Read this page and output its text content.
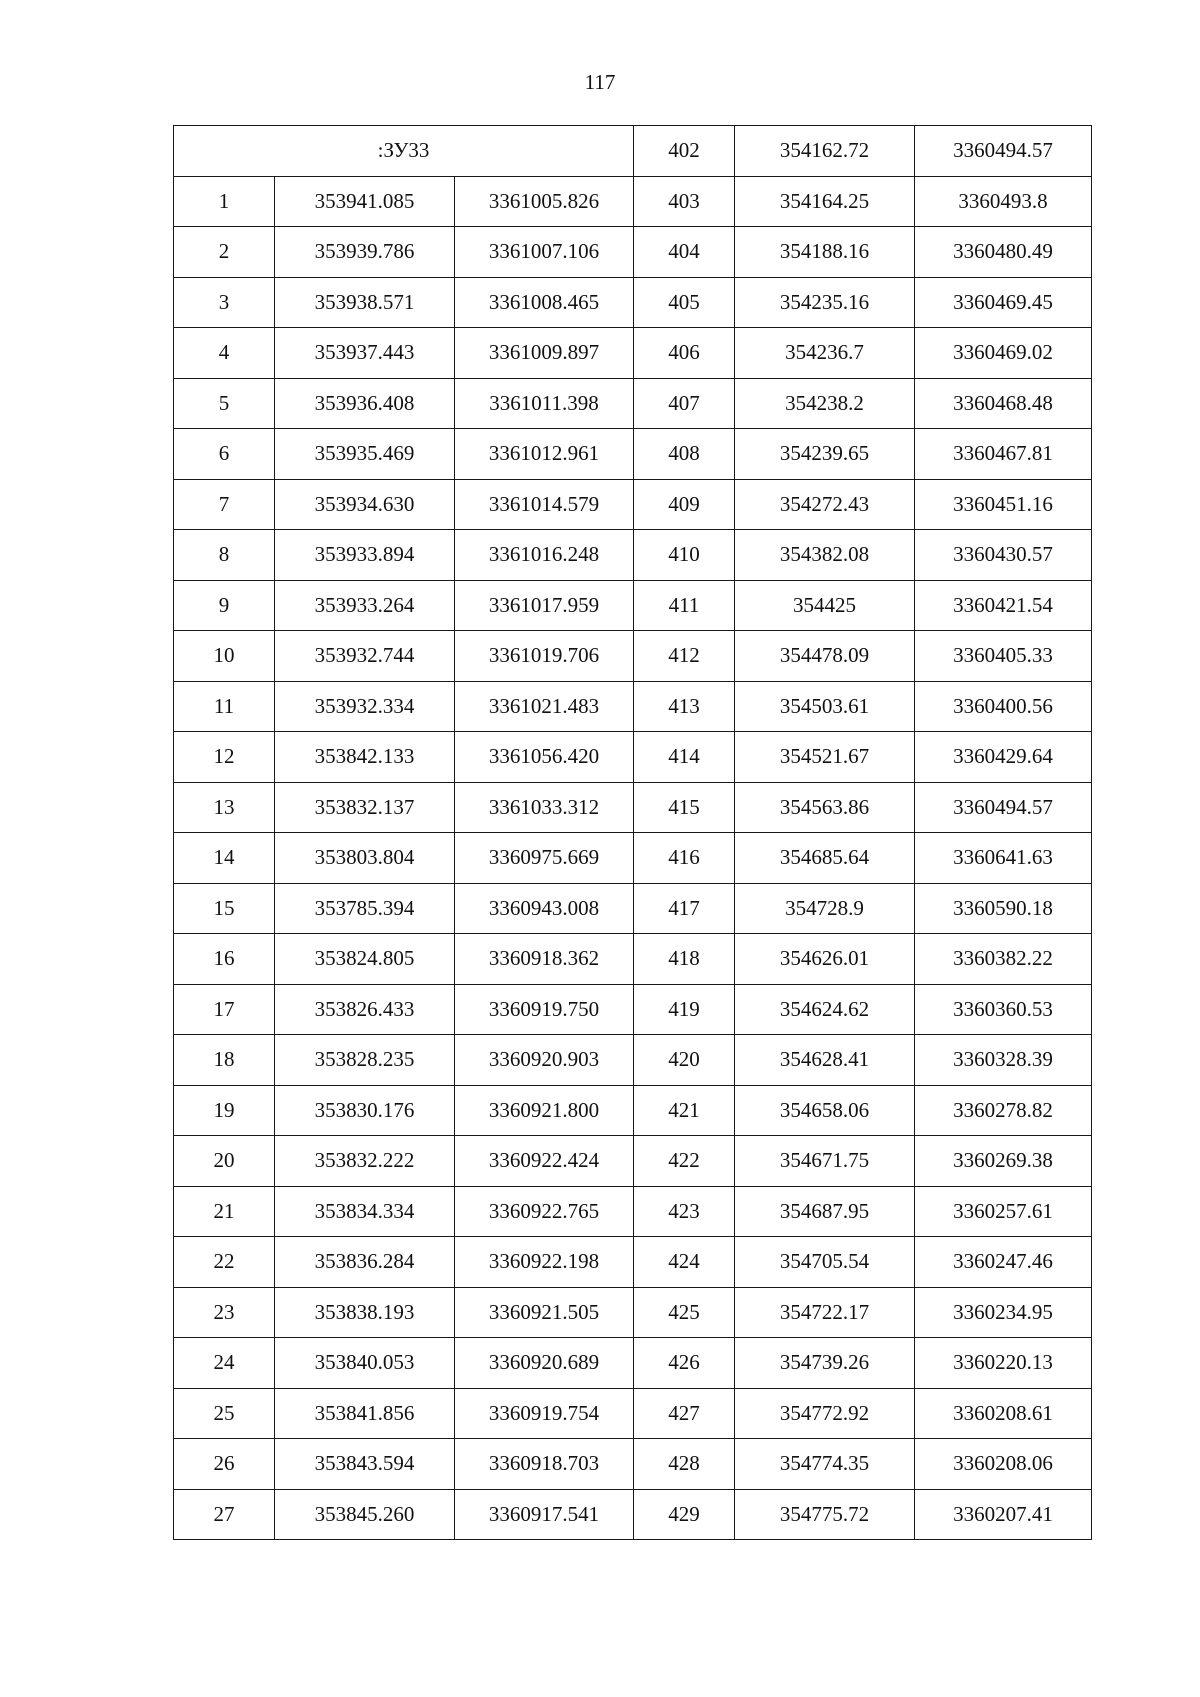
117
:ЗУ33			402	354162.72	3360494.57
1	353941.085	3361005.826	403	354164.25	3360493.8
2	353939.786	3361007.106	404	354188.16	3360480.49
3	353938.571	3361008.465	405	354235.16	3360469.45
4	353937.443	3361009.897	406	354236.7	3360469.02
5	353936.408	3361011.398	407	354238.2	3360468.48
6	353935.469	3361012.961	408	354239.65	3360467.81
7	353934.630	3361014.579	409	354272.43	3360451.16
8	353933.894	3361016.248	410	354382.08	3360430.57
9	353933.264	3361017.959	411	354425	3360421.54
10	353932.744	3361019.706	412	354478.09	3360405.33
11	353932.334	3361021.483	413	354503.61	3360400.56
12	353842.133	3361056.420	414	354521.67	3360429.64
13	353832.137	3361033.312	415	354563.86	3360494.57
14	353803.804	3360975.669	416	354685.64	3360641.63
15	353785.394	3360943.008	417	354728.9	3360590.18
16	353824.805	3360918.362	418	354626.01	3360382.22
17	353826.433	3360919.750	419	354624.62	3360360.53
18	353828.235	3360920.903	420	354628.41	3360328.39
19	353830.176	3360921.800	421	354658.06	3360278.82
20	353832.222	3360922.424	422	354671.75	3360269.38
21	353834.334	3360922.765	423	354687.95	3360257.61
22	353836.284	3360922.198	424	354705.54	3360247.46
23	353838.193	3360921.505	425	354722.17	3360234.95
24	353840.053	3360920.689	426	354739.26	3360220.13
25	353841.856	3360919.754	427	354772.92	3360208.61
26	353843.594	3360918.703	428	354774.35	3360208.06
27	353845.260	3360917.541	429	354775.72	3360207.41
